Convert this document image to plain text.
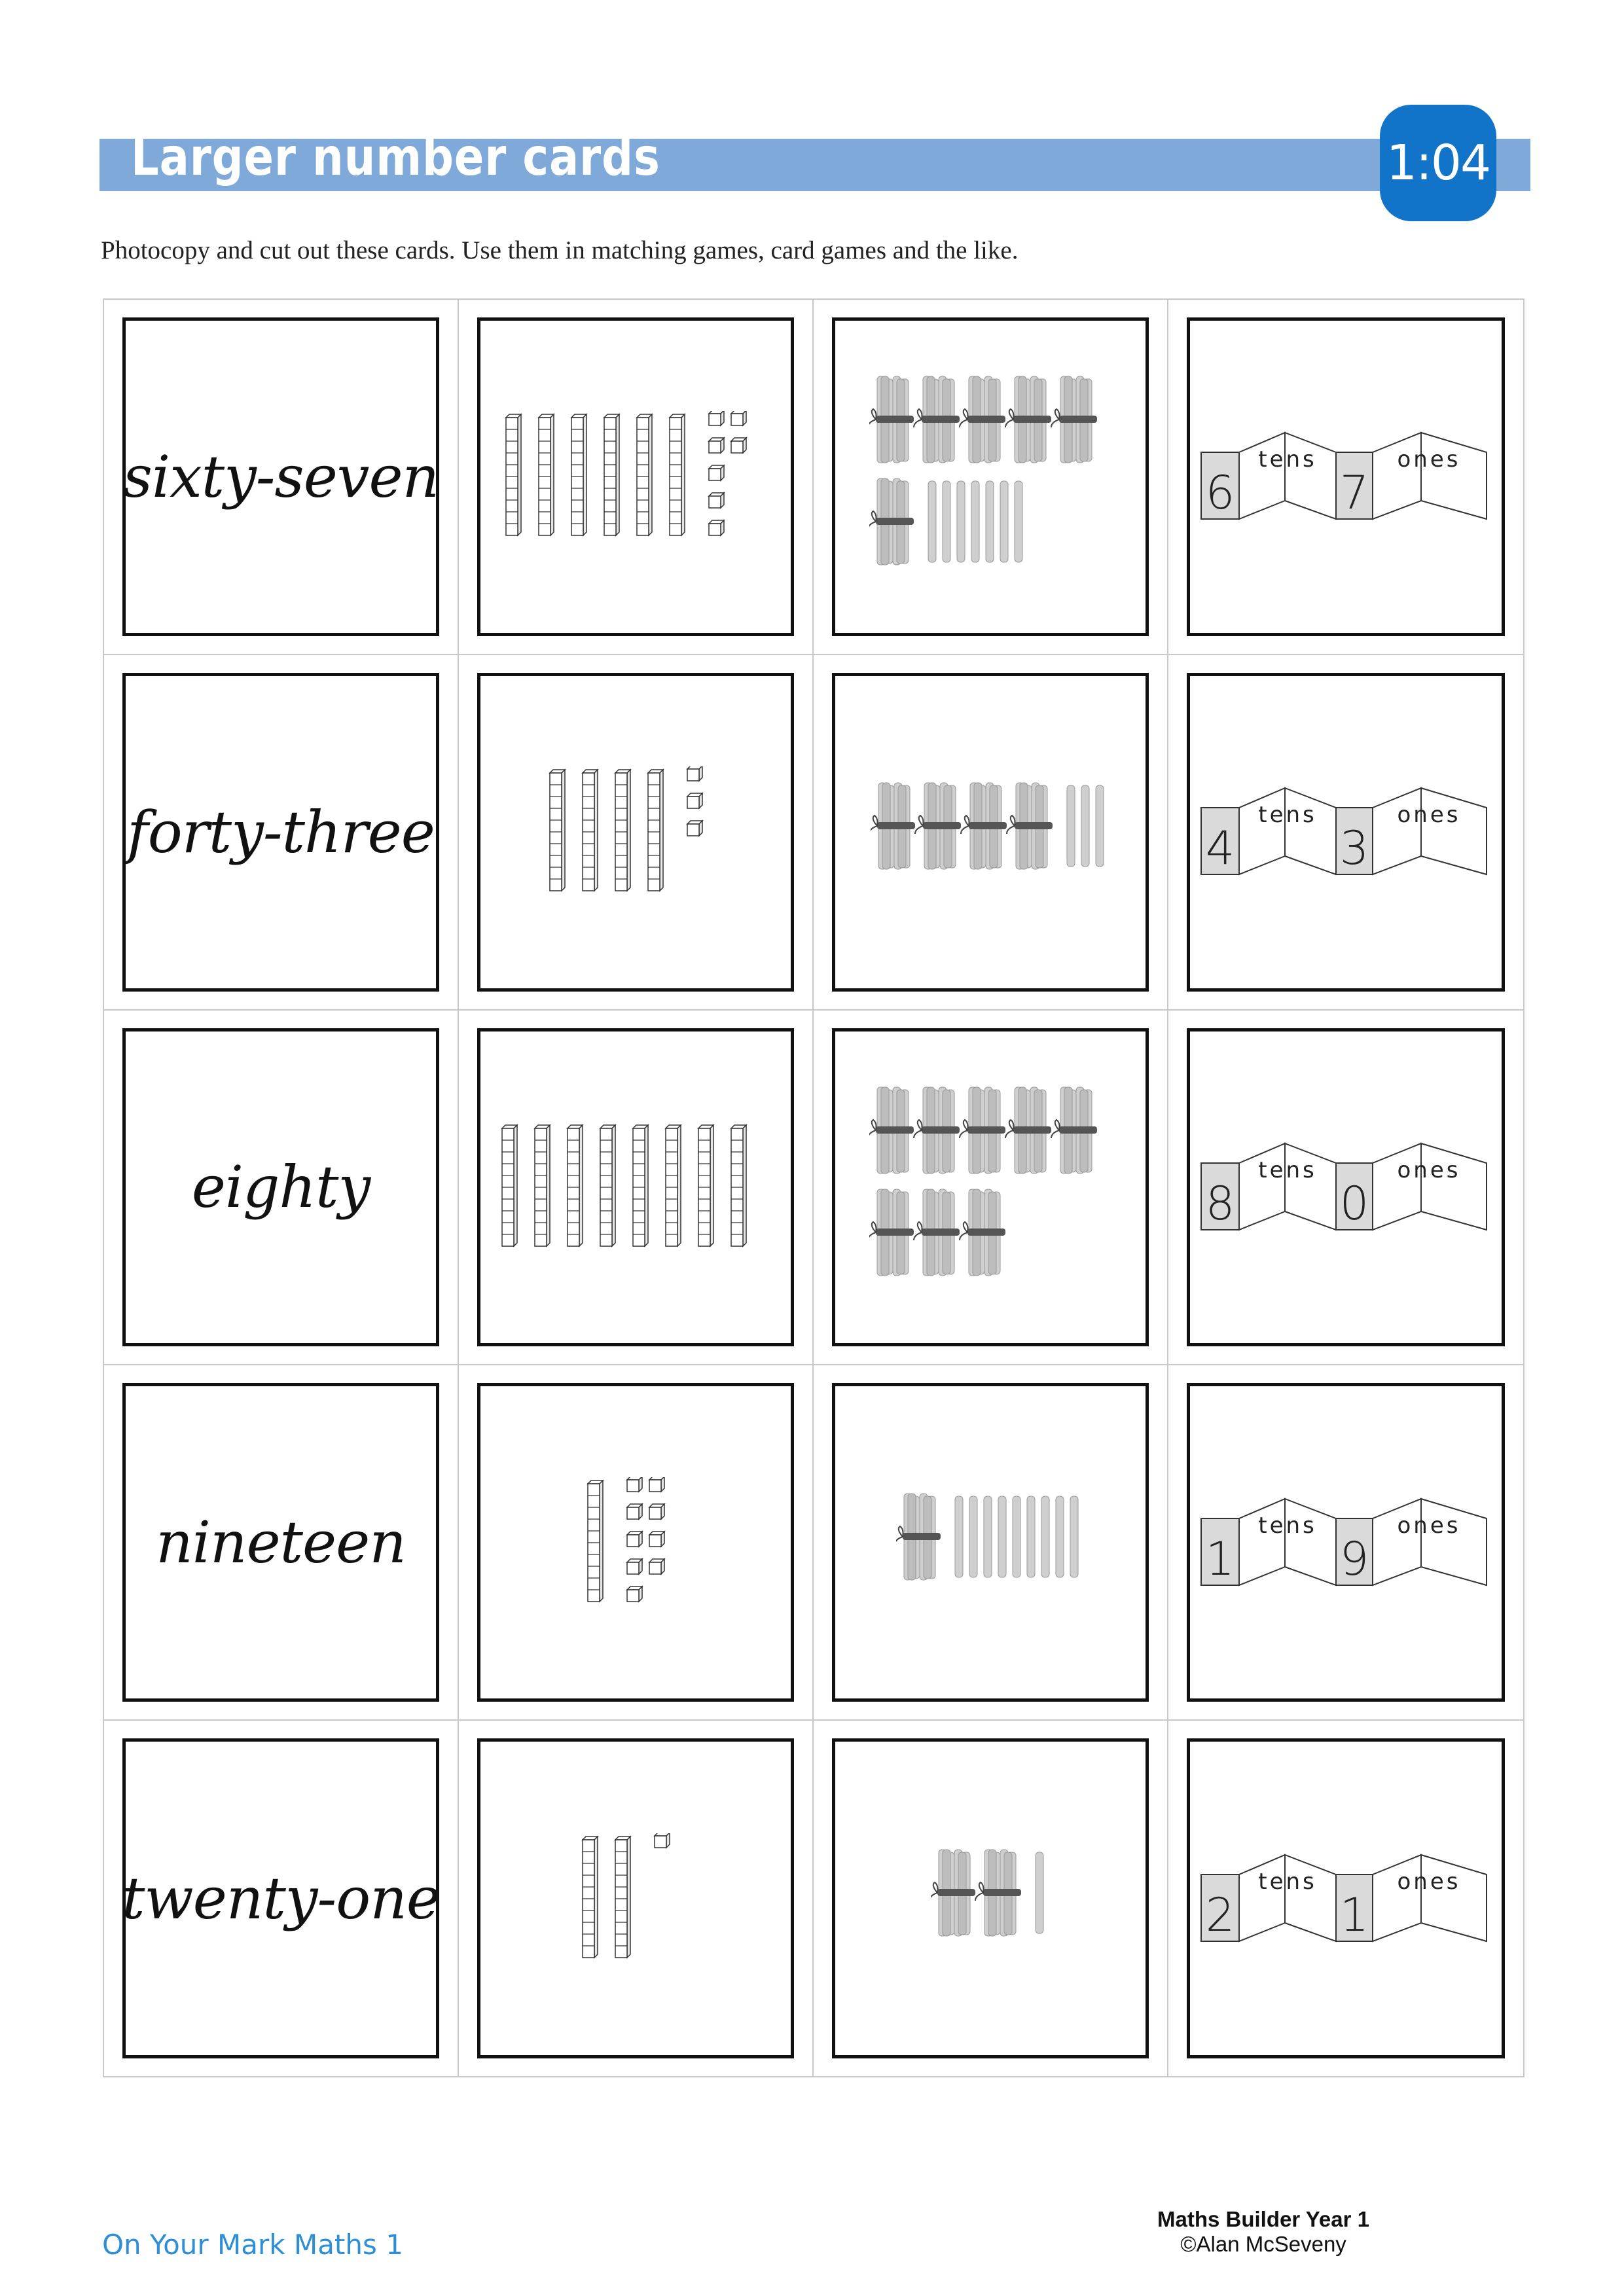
Larger number cards	1:04
Photocopy and cut out these cards. Use them in matching games, card games and the like.
sixty-seven	6 7
tens	ones
forty-three	4 3
tens	ones
eighty	8 0
tens	ones
nineteen	1 9
tens	ones
twenty-one	2 1
tens	ones
On Your Mark Maths 1
Maths Builder Year 1
©Alan McSeveny
